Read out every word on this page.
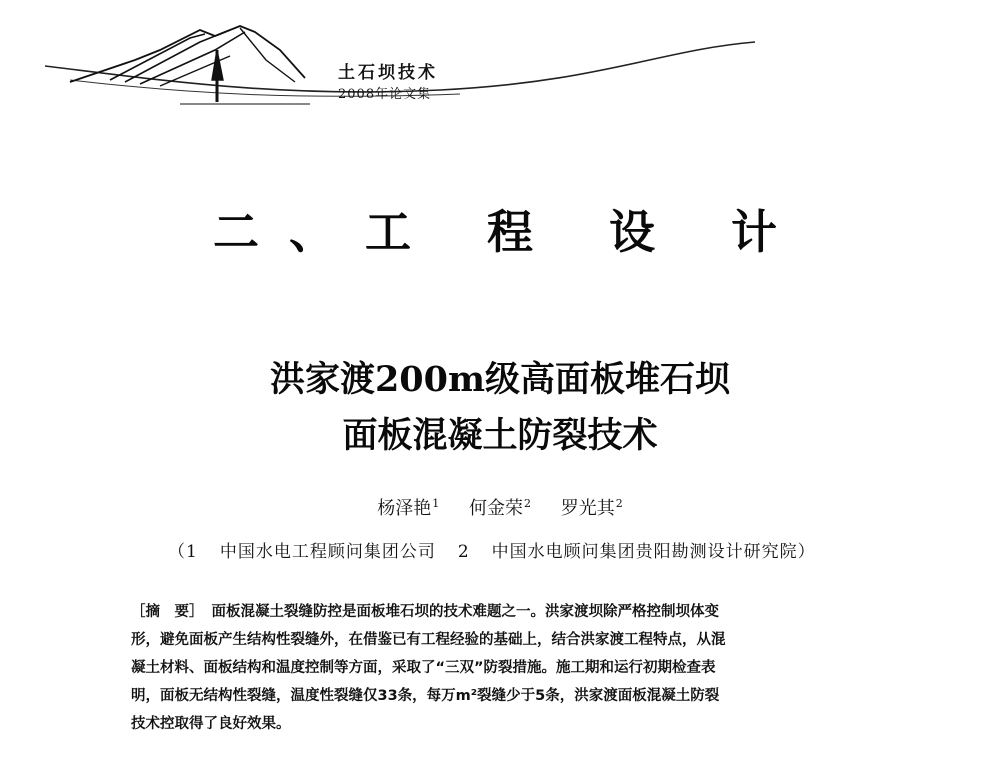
土石坝技术
2008年论文集
二、工 程 设 计
洪家渡200m级高面板堆石坝
面板混凝土防裂技术
杨泽艳$^1$ 何金荣$^2$ 罗光其$^2$
（1 中国水电工程顾问集团公司 2 中国水电顾问集团贵阳勘测设计研究院）
［摘　要］ 面板混凝土裂缝防控是面板堆石坝的技术难题之一。洪家渡坝除严格控制坝体变
形，避免面板产生结构性裂缝外，在借鉴已有工程经验的基础上，结合洪家渡工程特点，从混
凝土材料、面板结构和温度控制等方面，采取了“三双”防裂措施。施工期和运行初期检查表
明，面板无结构性裂缝，温度性裂缝仅33条，每万m²裂缝少于5条，洪家渡面板混凝土防裂
技术控取得了良好效果。
